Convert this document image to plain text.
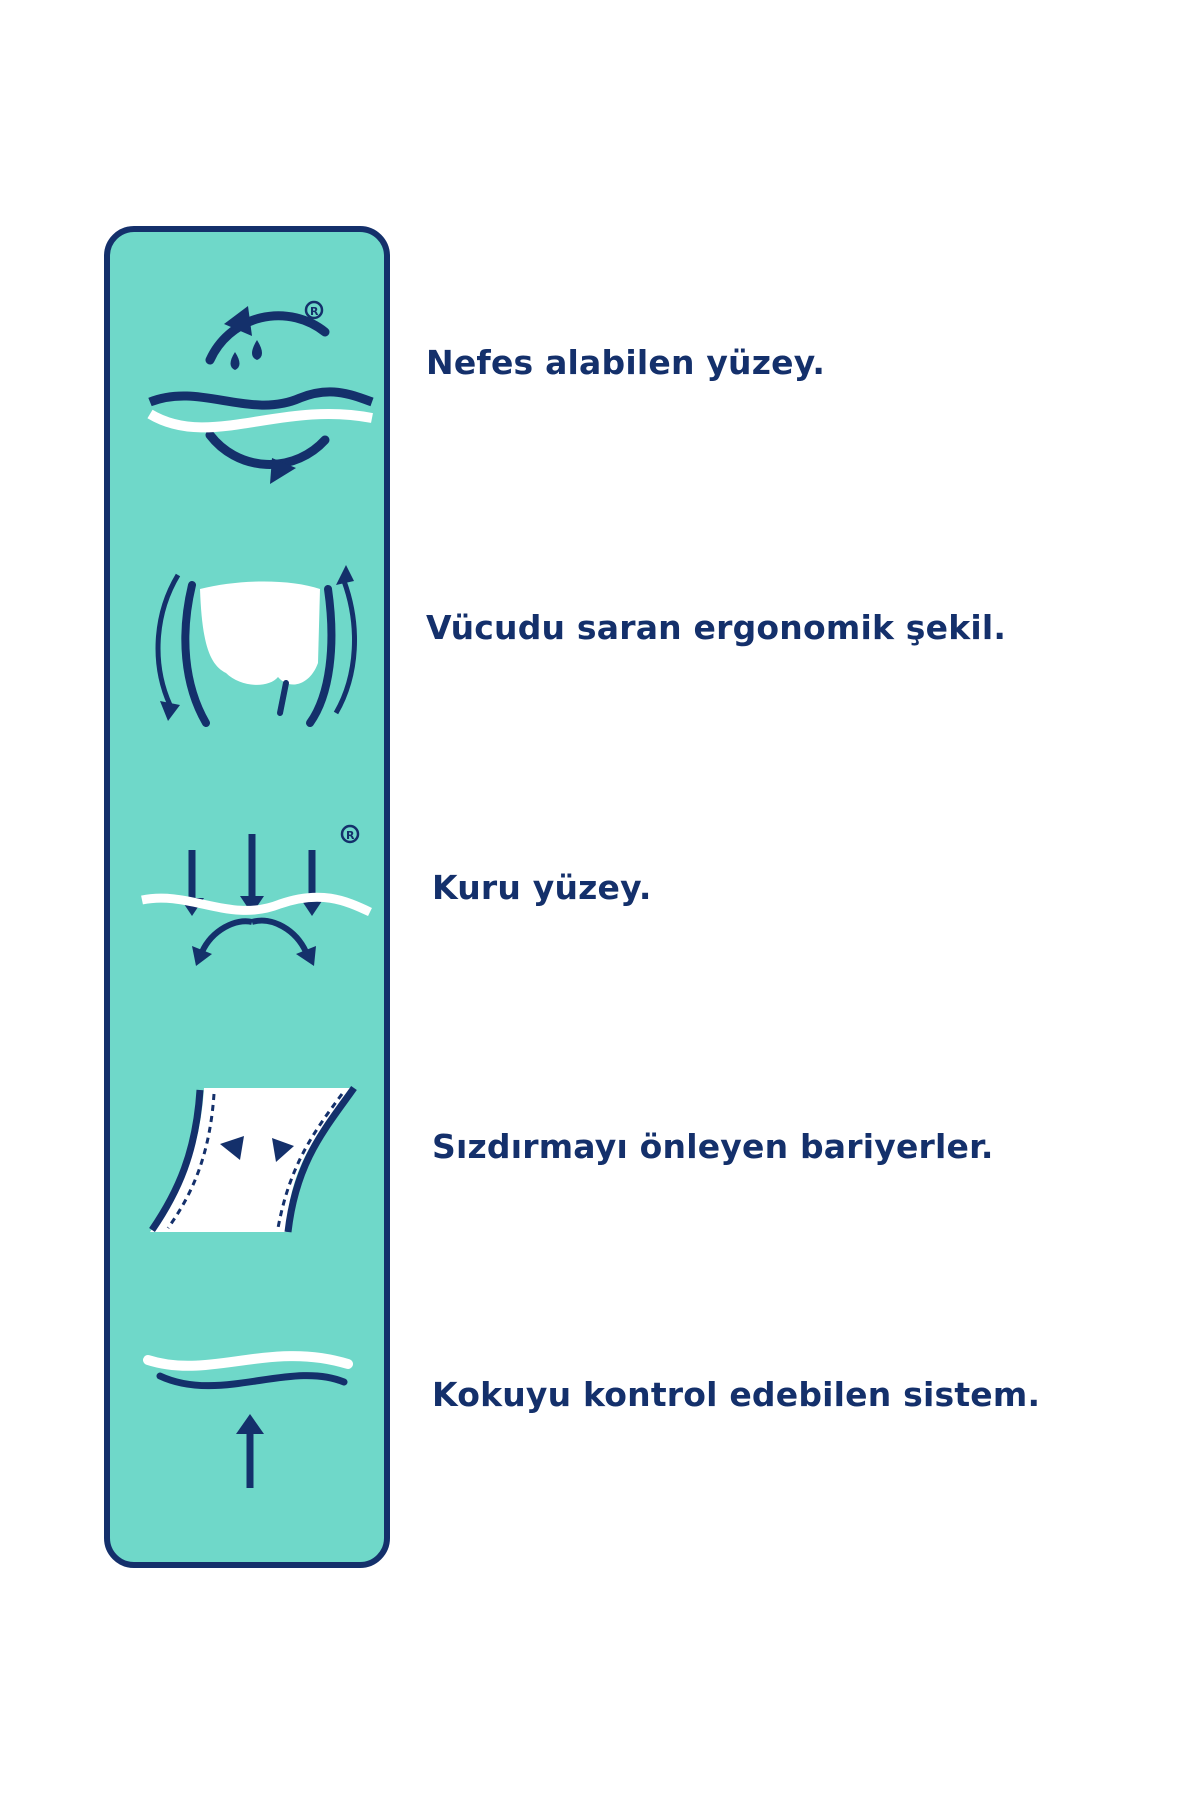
R
R

Nefes alabilen yüzey.

Vücudu saran ergonomik şekil.

Kuru yüzey.

Sızdırmayı önleyen bariyerler.

Kokuyu kontrol edebilen sistem.
